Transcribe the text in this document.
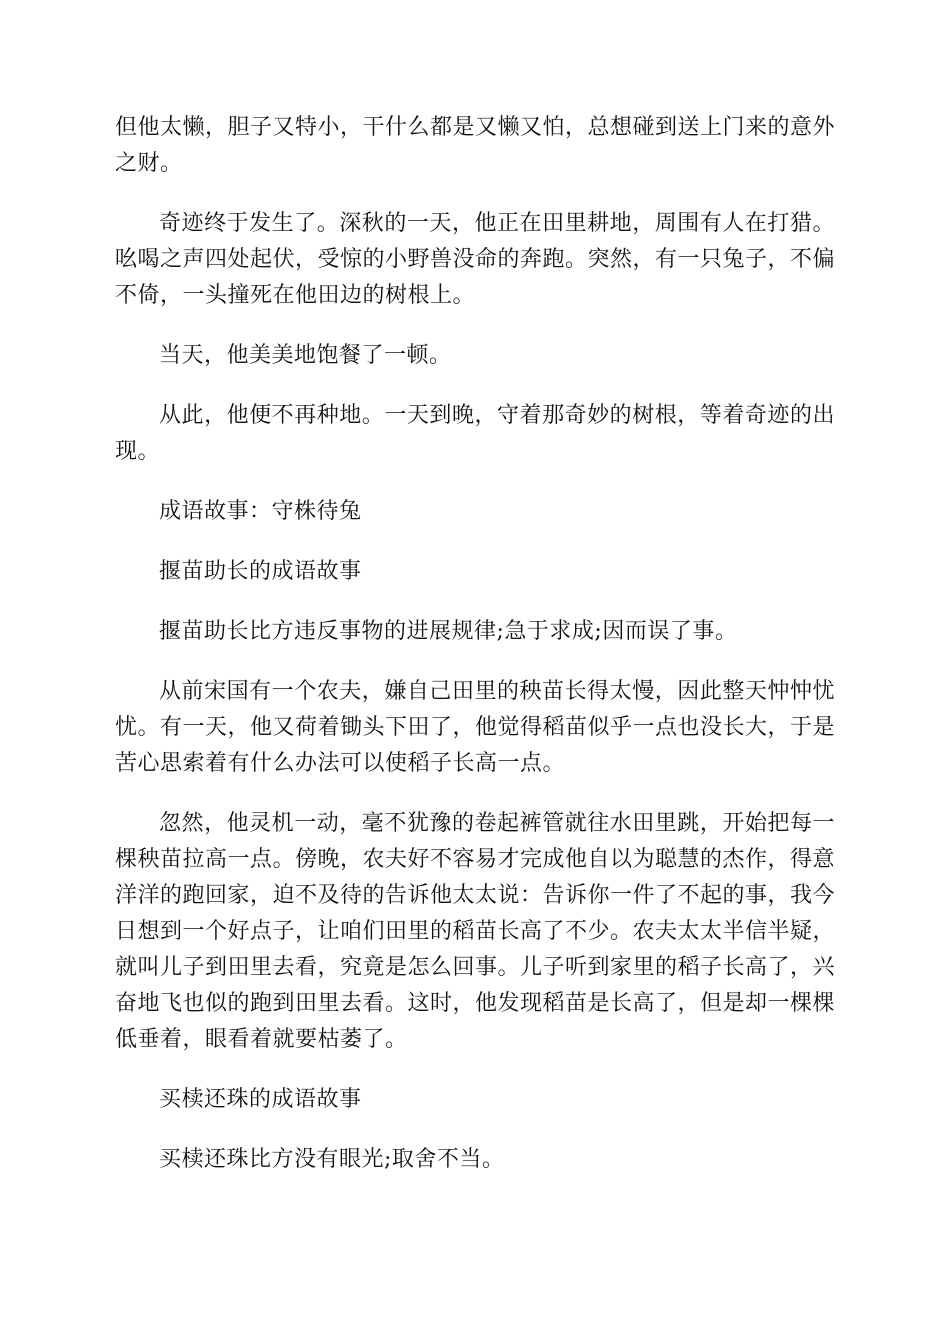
但他太懒，胆子又特小，干什么都是又懒又怕，总想碰到送上门来的意外之财。

奇迹终于发生了。深秋的一天，他正在田里耕地，周围有人在打猎。吆喝之声四处起伏，受惊的小野兽没命的奔跑。突然，有一只兔子，不偏不倚，一头撞死在他田边的树根上。

当天，他美美地饱餐了一顿。

从此，他便不再种地。一天到晚，守着那奇妙的树根，等着奇迹的出现。

成语故事：守株待兔

揠苗助长的成语故事

揠苗助长比方违反事物的进展规律;急于求成;因而误了事。

从前宋国有一个农夫，嫌自己田里的秧苗长得太慢，因此整天忡忡忧忧。有一天，他又荷着锄头下田了，他觉得稻苗似乎一点也没长大，于是苦心思索着有什么办法可以使稻子长高一点。

忽然，他灵机一动，毫不犹豫的卷起裤管就往水田里跳，开始把每一棵秧苗拉高一点。傍晚，农夫好不容易才完成他自以为聪慧的杰作，得意洋洋的跑回家，迫不及待的告诉他太太说：告诉你一件了不起的事，我今日想到一个好点子，让咱们田里的稻苗长高了不少。农夫太太半信半疑，就叫儿子到田里去看，究竟是怎么回事。儿子听到家里的稻子长高了，兴奋地飞也似的跑到田里去看。这时，他发现稻苗是长高了，但是却一棵棵低垂着，眼看着就要枯萎了。

买椟还珠的成语故事

买椟还珠比方没有眼光;取舍不当。
